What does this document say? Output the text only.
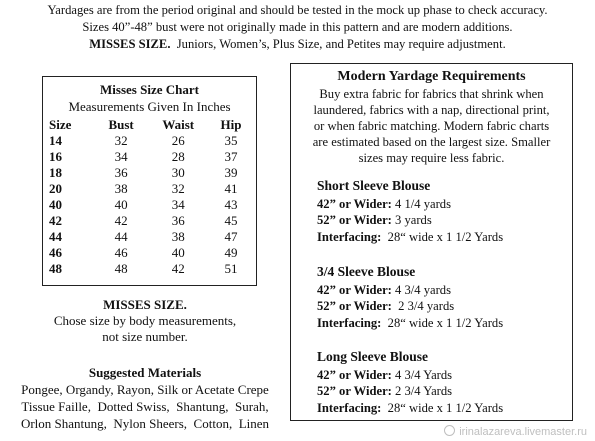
Yardages are from the period original and should be tested in the mock up phase to check accuracy.
Sizes 40”-48” bust were not originally made in this pattern and are modern additions.
MISSES SIZE.  Juniors, Women’s, Plus Size, and Petites may require adjustment.
Misses Size Chart
Measurements Given In Inches
Size	Bust	Waist	Hip
14	32	26	35
16	34	28	37
18	36	30	39
20	38	32	41
40	40	34	43
42	42	36	45
44	44	38	47
46	46	40	49
48	48	42	51
MISSES SIZE.
Chose size by body measurements,
not size number.
Suggested Materials
Pongee, Organdy, Rayon, Silk or Acetate Crepe
Tissue Faille,  Dotted Swiss,  Shantung,  Surah,
Orlon Shantung,  Nylon Sheers,  Cotton,  Linen
Modern Yardage Requirements
Buy extra fabric for fabrics that shrink when
laundered, fabrics with a nap, directional print,
or when fabric matching. Modern fabric charts
are estimated based on the largest size. Smaller
sizes may require less fabric.
Short Sleeve Blouse
42” or Wider: 4 1/4 yards
52” or Wider: 3 yards
Interfacing:  28“ wide x 1 1/2 Yards
3/4 Sleeve Blouse
42” or Wider: 4 3/4 yards
52” or Wider:  2 3/4 yards
Interfacing:  28“ wide x 1 1/2 Yards
Long Sleeve Blouse
42” or Wider: 4 3/4 Yards
52” or Wider: 2 3/4 Yards
Interfacing:  28“ wide x 1 1/2 Yards
irinalazareva.livemaster.ru
